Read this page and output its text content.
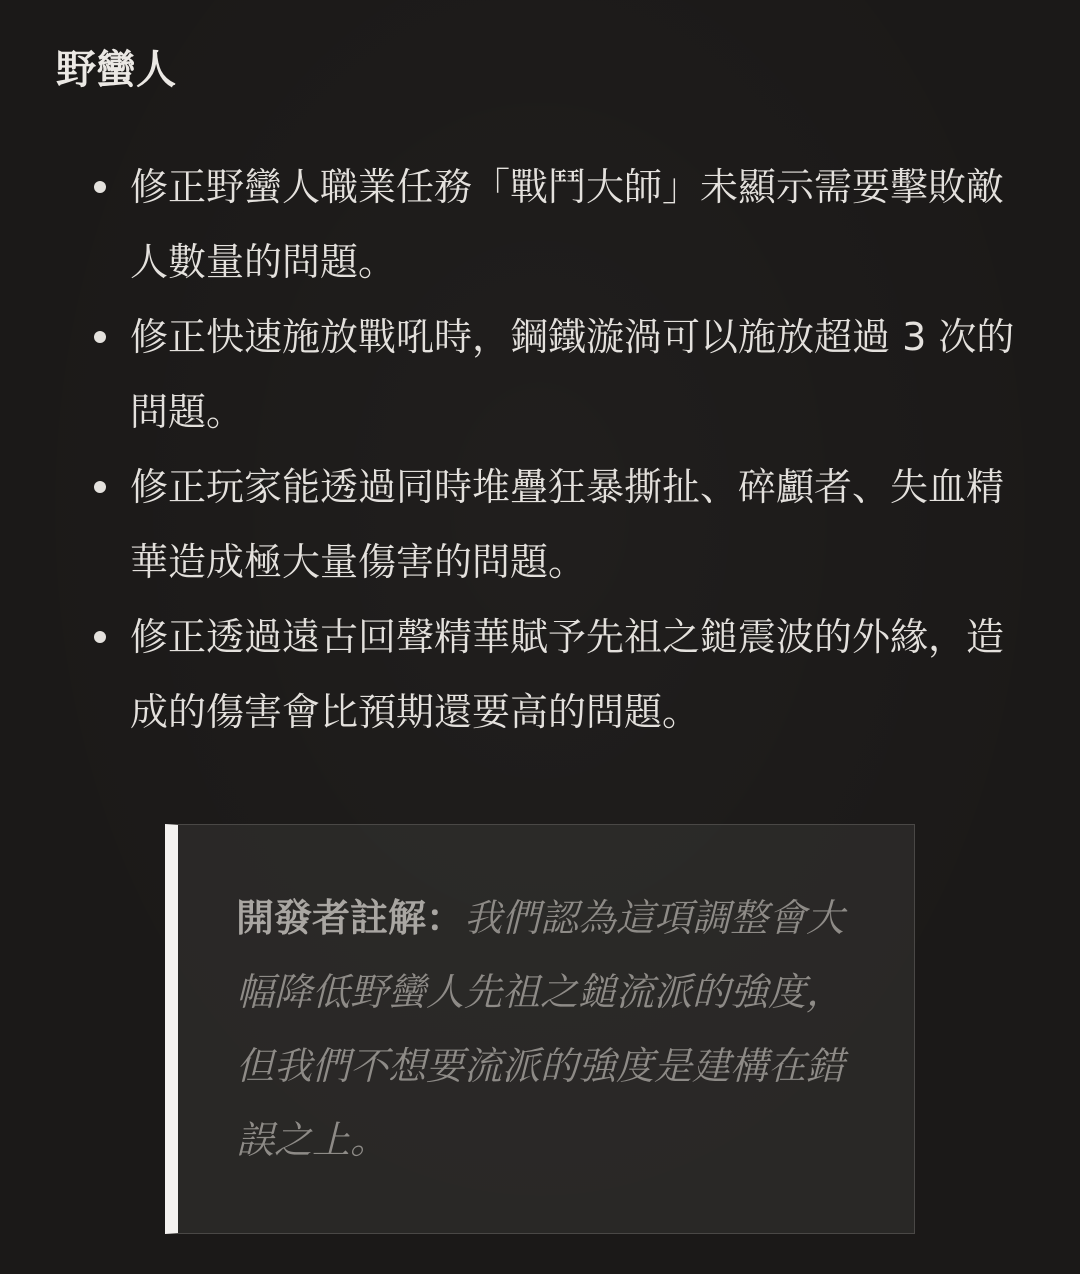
野蠻人
修正野蠻人職業任務「戰鬥大師」未顯示需要擊敗敵人數量的問題。
修正快速施放戰吼時，鋼鐵漩渦可以施放超過 3 次的問題。
修正玩家能透過同時堆疊狂暴撕扯、碎顱者、失血精華造成極大量傷害的問題。
修正透過遠古回聲精華賦予先祖之鎚震波的外緣，造成的傷害會比預期還要高的問題。

開發者註解：我們認為這項調整會大幅降低野蠻人先祖之鎚流派的強度，但我們不想要流派的強度是建構在錯誤之上。
